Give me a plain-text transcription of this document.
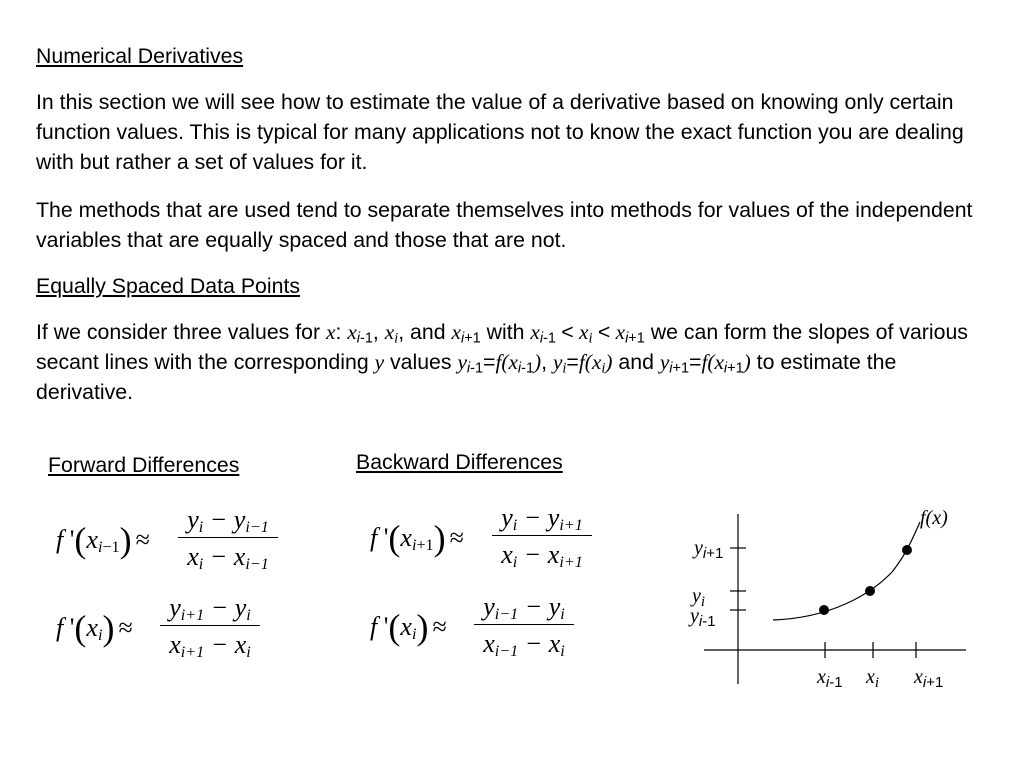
Numerical Derivatives
In this section we will see how to estimate the value of a derivative based on knowing only certain function values. This is typical for many applications not to know the exact function you are dealing with but rather a set of values for it.
The methods that are used tend to separate themselves into methods for values of the independent variables that are equally spaced and those that are not.
Equally Spaced Data Points
If we consider three values for x: $x_{i-1}$, $x_i$, and $x_{i+1}$ with $x_{i-1} < x_i < x_{i+1}$ we can form the slopes of various secant lines with the corresponding y values $y_{i-1}=f(x_{i-1})$, $y_i=f(x_i)$ and $y_{i+1}=f(x_{i+1})$ to estimate the derivative.
Forward Differences	Backward Differences
f '$(x_{i-1})$ ≈
$y_i - y_{i-1}$
$x_i - x_{i-1}$
f '$(x_i)$ ≈
$y_{i+1} - y_i$
$x_{i+1} - x_i$
f '$(x_{i+1})$ ≈
$y_i - y_{i+1}$
$x_i - x_{i+1}$
f '$(x_i)$ ≈
$y_{i-1} - y_i$
$x_{i-1} - x_i$
f(x)
$y_{i+1}$
$y_i$
$y_{i-1}$
$x_{i-1}$ $x_i$ $x_{i+1}$
